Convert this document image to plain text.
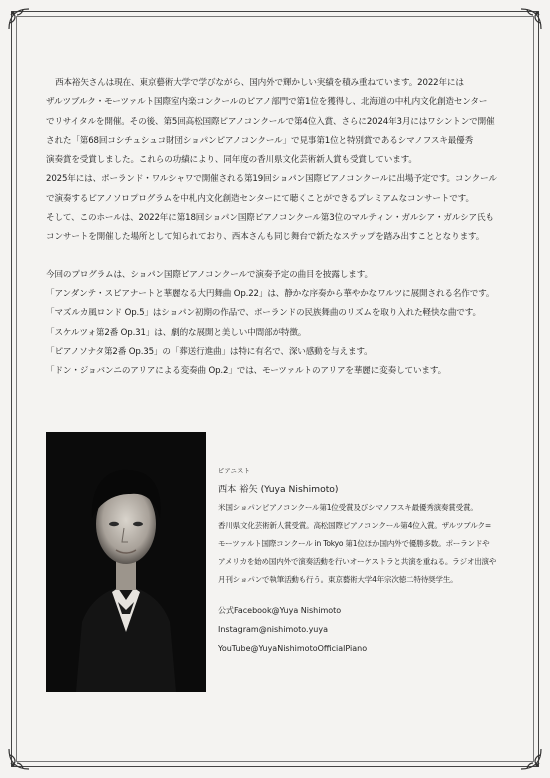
西本裕矢さんは現在、東京藝術大学で学びながら、国内外で輝かしい実績を積み重ねています。2022年には

ザルツブルク・モーツァルト国際室内楽コンクールのピアノ部門で第1位を獲得し、北海道の中札内文化創造センター

でリサイタルを開催。その後、第5回高松国際ピアノコンクールで第4位入賞、さらに2024年3月にはワシントンで開催

された「第68回コシチュシュコ財団ショパンピアノコンクール」で見事第1位と特別賞であるシマノフスキ最優秀

演奏賞を受賞しました。これらの功績により、同年度の香川県文化芸術新人賞も受賞しています。

2025年には、ポーランド・ワルシャワで開催される第19回ショパン国際ピアノコンクールに出場予定です。コンクール

で演奏するピアノソロプログラムを中札内文化創造センターにて聴くことができるプレミアムなコンサートです。

そして、このホールは、2022年に第18回ショパン国際ピアノコンクール第3位のマルティン・ガルシア・ガルシア氏も

コンサートを開催した場所として知られており、西本さんも同じ舞台で新たなステップを踏み出すこととなります。

今回のプログラムは、ショパン国際ピアノコンクールで演奏予定の曲目を披露します。

「アンダンテ・スピアナートと華麗なる大円舞曲 Op.22」は、静かな序奏から華やかなワルツに展開される名作です。

「マズルカ風ロンド Op.5」はショパン初期の作品で、ポーランドの民族舞曲のリズムを取り入れた軽快な曲です。

「スケルツォ第2番 Op.31」は、劇的な展開と美しい中間部が特徴。

「ピアノソナタ第2番 Op.35」の「葬送行進曲」は特に有名で、深い感動を与えます。

「ドン・ジョバンニのアリアによる変奏曲 Op.2」では、モーツァルトのアリアを華麗に変奏しています。

ピアニスト

西本 裕矢 (Yuya Nishimoto)

米国ショパンピアノコンクール第1位受賞及びシマノフスキ最優秀演奏賞受賞。

香川県文化芸術新人賞受賞。高松国際ピアノコンクール第4位入賞。ザルツブルク=

モーツァルト国際コンクール in Tokyo 第1位ほか国内外で優勝多数。ポーランドや

アメリカを始め国内外で演奏活動を行いオーケストラと共演を重ねる。ラジオ出演や

月刊ショパンで執筆活動も行う。東京藝術大学4年宗次徳二特待奨学生。

公式Facebook@Yuya Nishimoto

Instagram@nishimoto.yuya

YouTube@YuyaNishimotoOfficialPiano
